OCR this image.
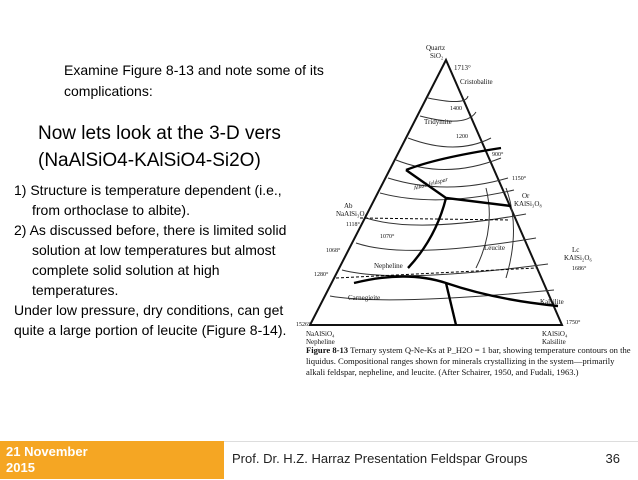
Examine Figure 8-13 and note some of its
complications:
Now lets look at the 3-D vers
(NaAlSiO4-KAlSiO4-Si2O)
1) Structure is temperature dependent (i.e., from orthoclase to albite).
2) As discussed before, there is limited solid solution at low temperatures but almost complete solid solution at high temperatures.
Under low pressure, dry conditions, can get quite a large portion of leucite (Figure 8-14).
Quartz
SiO₂
1713°
Cristobalite
Tridymite
1400
1200
900°
Alkali feldspar
Ab
NaAlSi₃O₈
1118°
Or
KAlSi₃O₈
1150°
1070°
1068°	Leucite	Lc
KAlSi₂O₆
1686°
1280°
Nepheline
Carnegieite	Kalsilite
1526°
NaAlSiO₄
Nepheline
1750°
KAlSiO₄
Kalsilite
Figure 8-13 Ternary system Q-Ne-Ks at P_H2O = 1 bar, showing temperature contours on the liquidus. Compositional ranges shown for minerals crystallizing in the system—primarily alkali feldspar, nepheline, and leucite. (After Schairer, 1950, and Fudali, 1963.)
21 November 2015
Prof. Dr. H.Z. Harraz Presentation Feldspar Groups	36
